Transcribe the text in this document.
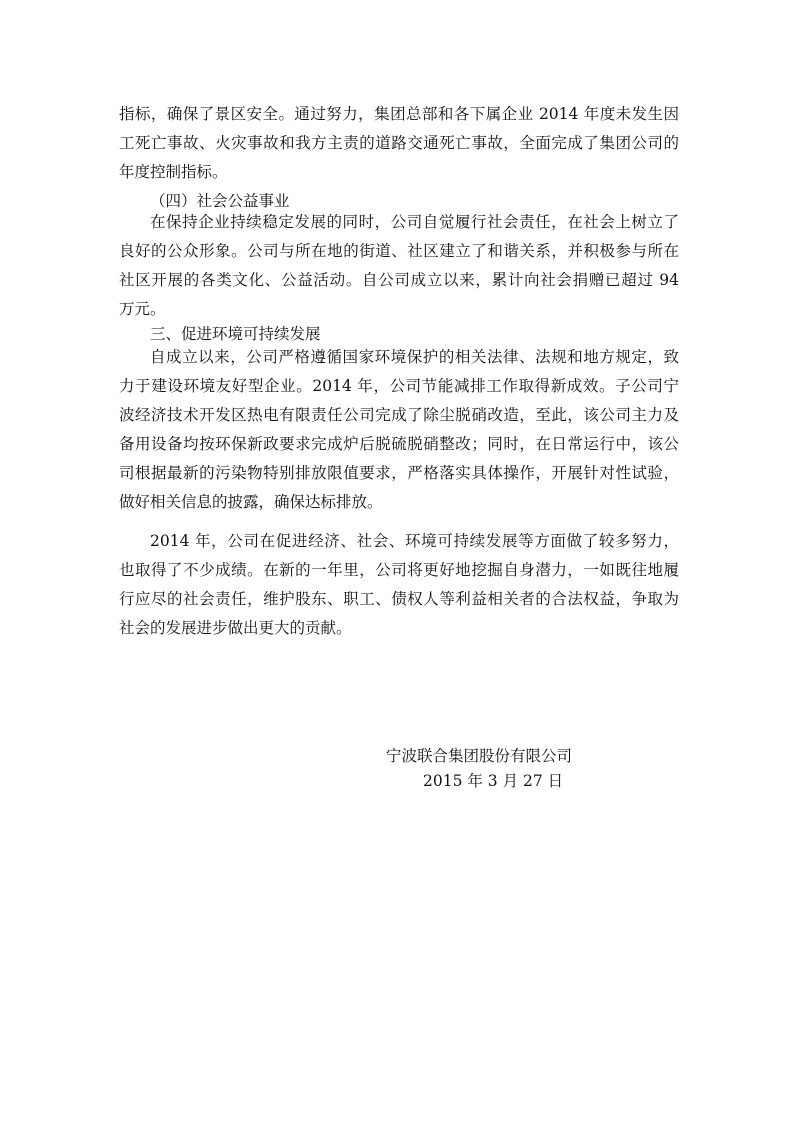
指标，确保了景区安全。通过努力，集团总部和各下属企业 2014 年度未发生因
工死亡事故、火灾事故和我方主责的道路交通死亡事故，全面完成了集团公司的
年度控制指标。
（四）社会公益事业
在保持企业持续稳定发展的同时，公司自觉履行社会责任，在社会上树立了
良好的公众形象。公司与所在地的街道、社区建立了和谐关系，并积极参与所在
社区开展的各类文化、公益活动。自公司成立以来，累计向社会捐赠已超过 94
万元。
三、促进环境可持续发展
自成立以来，公司严格遵循国家环境保护的相关法律、法规和地方规定，致
力于建设环境友好型企业。2014 年，公司节能减排工作取得新成效。子公司宁
波经济技术开发区热电有限责任公司完成了除尘脱硝改造，至此，该公司主力及
备用设备均按环保新政要求完成炉后脱硫脱硝整改；同时，在日常运行中，该公
司根据最新的污染物特别排放限值要求，严格落实具体操作，开展针对性试验，
做好相关信息的披露，确保达标排放。
2014 年，公司在促进经济、社会、环境可持续发展等方面做了较多努力，
也取得了不少成绩。在新的一年里，公司将更好地挖掘自身潜力，一如既往地履
行应尽的社会责任，维护股东、职工、债权人等利益相关者的合法权益，争取为
社会的发展进步做出更大的贡献。
宁波联合集团股份有限公司
2015 年 3 月 27 日
